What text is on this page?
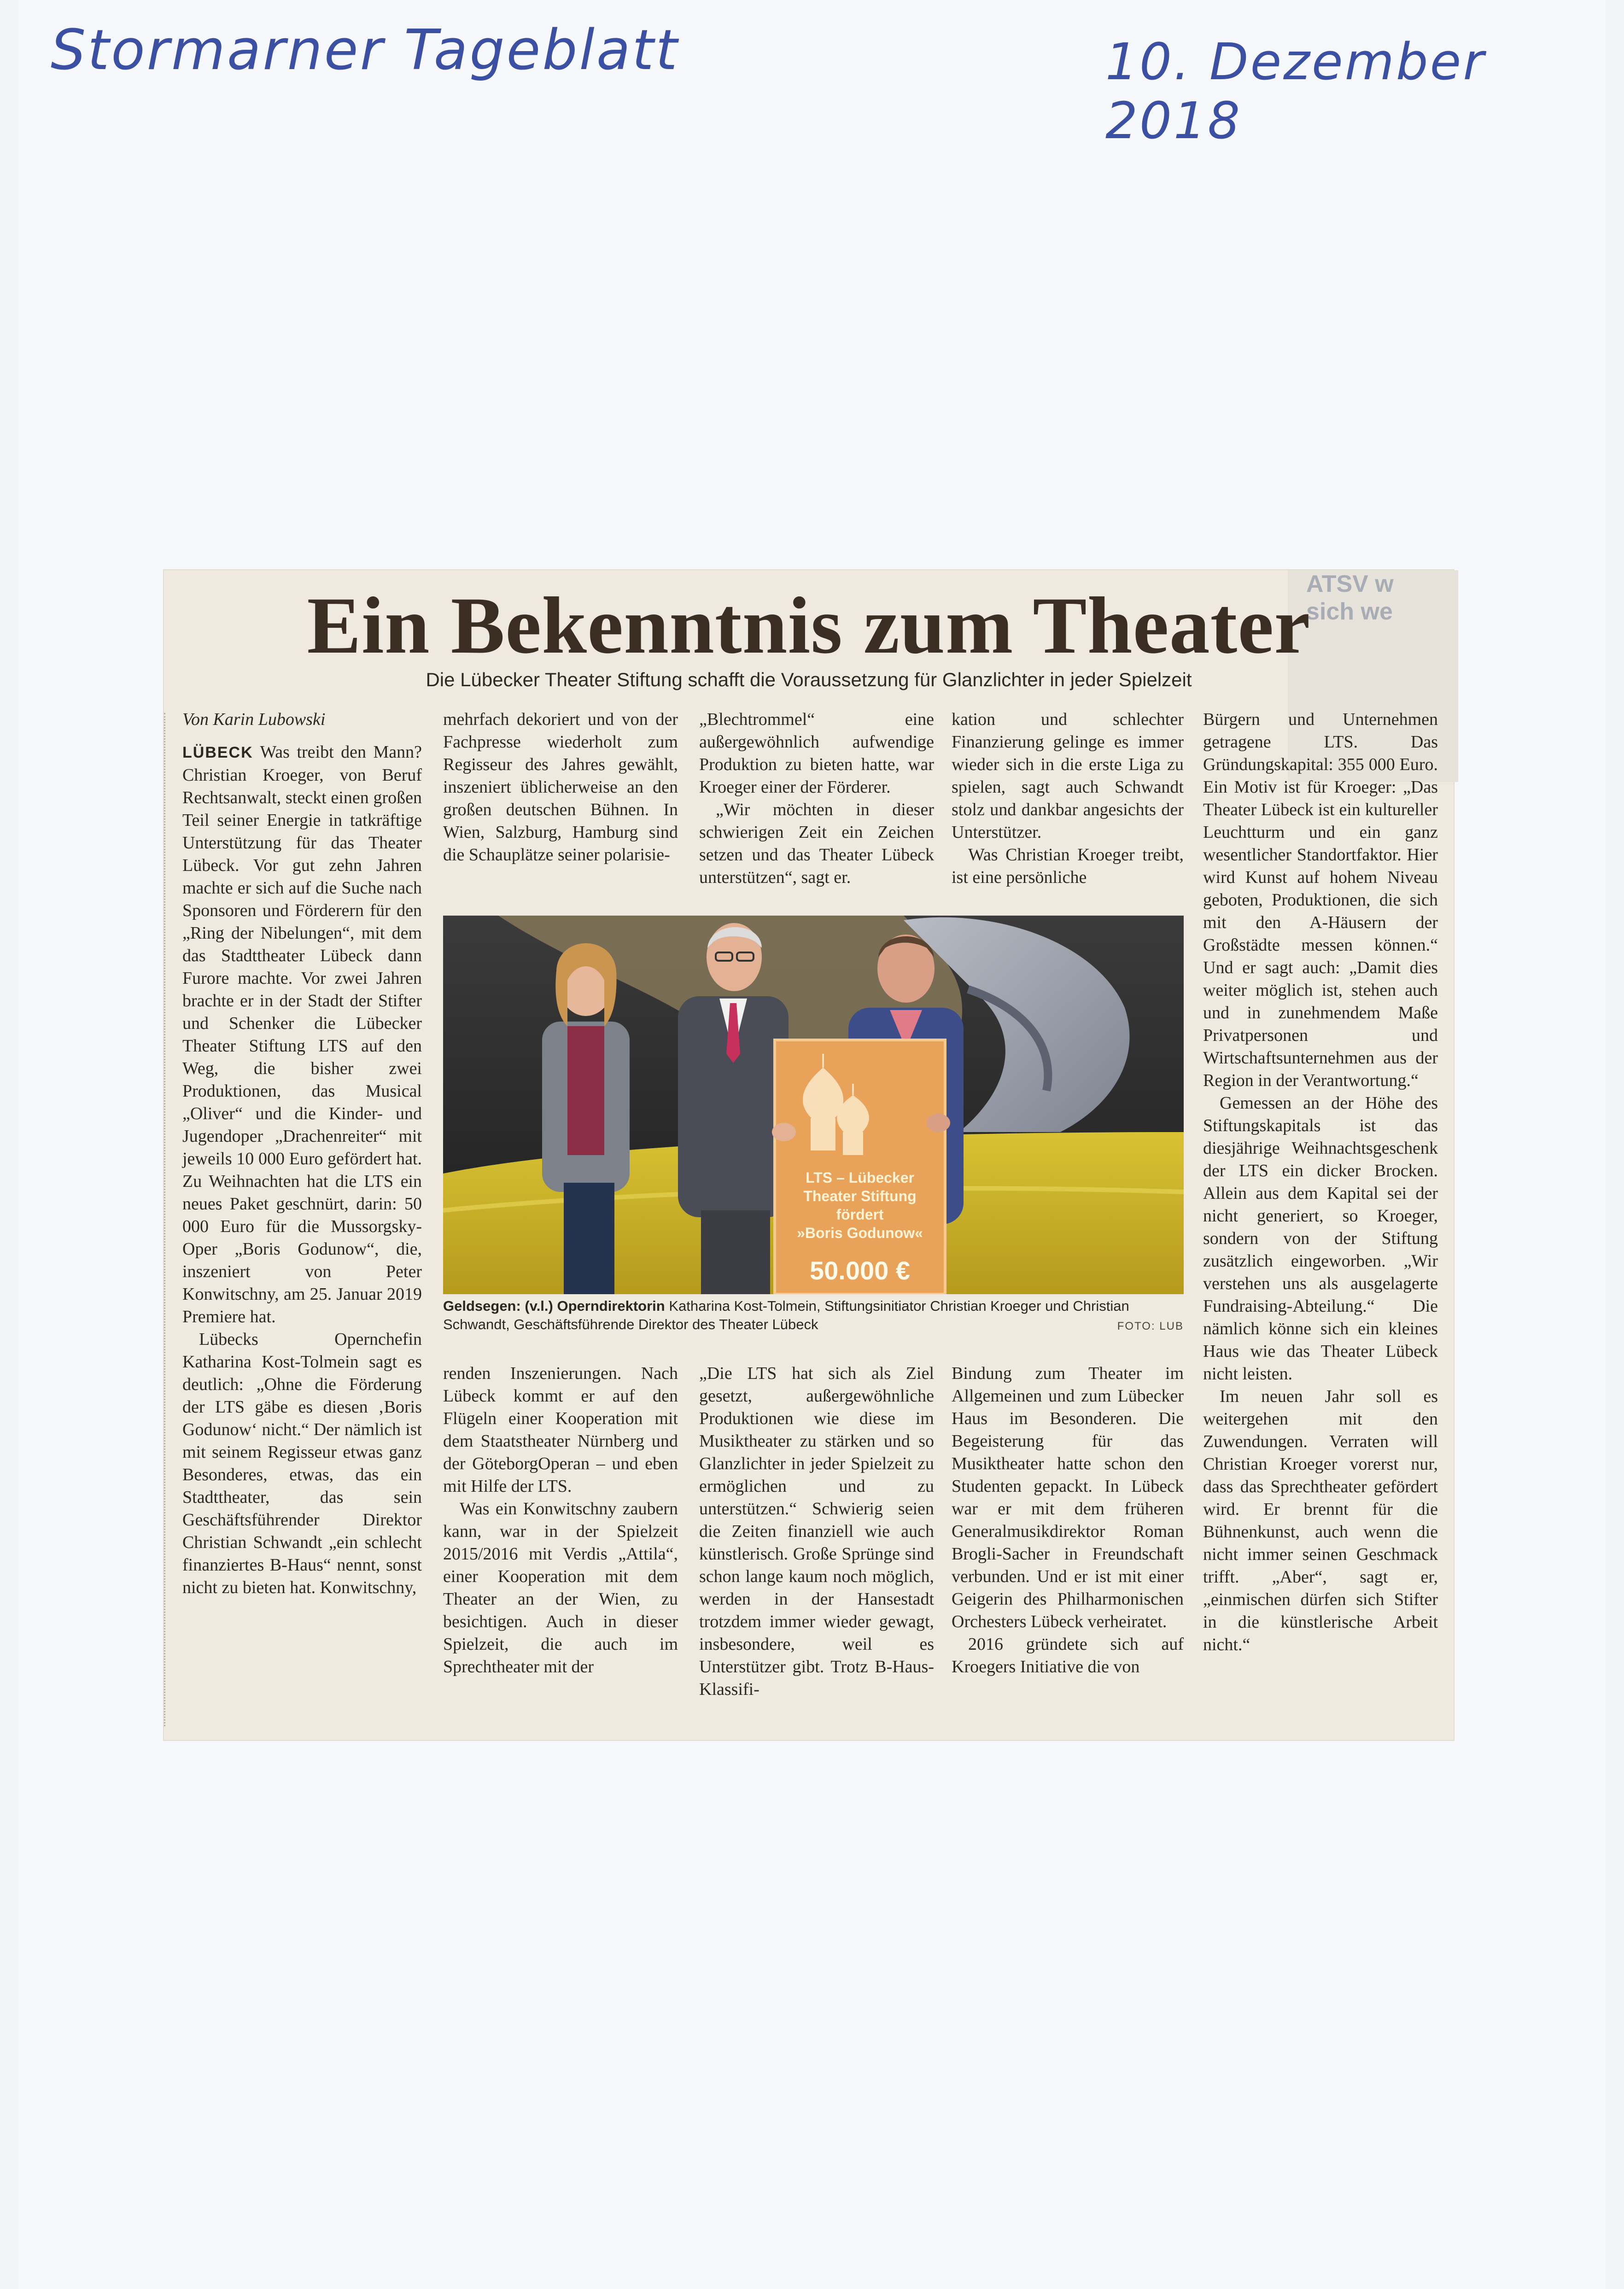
Stormarner Tageblatt	10. Dezember 2018
ATSV w
sich we
Ein Bekenntnis zum Theater
Die Lübecker Theater Stiftung schafft die Voraussetzung für Glanzlichter in jeder Spielzeit

Von Karin Lubowski

LÜBECK Was treibt den Mann? Christian Kroeger, von Beruf Rechtsanwalt, steckt einen großen Teil seiner Energie in tatkräftige Unterstützung für das Theater Lübeck. Vor gut zehn Jahren machte er sich auf die Suche nach Sponsoren und Förderern für den „Ring der Nibelungen“, mit dem das Stadttheater Lübeck dann Furore machte. Vor zwei Jahren brachte er in der Stadt der Stifter und Schenker die Lübecker Theater Stiftung LTS auf den Weg, die bisher zwei Produktionen, das Musical „Oliver“ und die Kinder- und Jugendoper „Drachenreiter“ mit jeweils 10 000 Euro gefördert hat. Zu Weihnachten hat die LTS ein neues Paket geschnürt, darin: 50 000 Euro für die Mussorgsky-Oper „Boris Godunow“, die, inszeniert von Peter Konwitschny, am 25. Januar 2019 Premiere hat.

Lübecks Opernchefin Katharina Kost-Tolmein sagt es deutlich: „Ohne die Förderung der LTS gäbe es diesen ‚Boris Godunow‘ nicht.“ Der nämlich ist mit seinem Regisseur etwas ganz Besonderes, etwas, das ein Stadttheater, das sein Geschäftsführender Direktor Christian Schwandt „ein schlecht finanziertes B-Haus“ nennt, sonst nicht zu bieten hat. Konwitschny,

mehrfach dekoriert und von der Fachpresse wiederholt zum Regisseur des Jahres gewählt, inszeniert üblicherweise an den großen deutschen Bühnen. In Wien, Salzburg, Hamburg sind die Schauplätze seiner polarisie-

„Blechtrommel“ eine außergewöhnlich aufwendige Produktion zu bieten hatte, war Kroeger einer der Förderer.

„Wir möchten in dieser schwierigen Zeit ein Zeichen setzen und das Theater Lübeck unterstützen“, sagt er.

kation und schlechter Finanzierung gelinge es immer wieder sich in die erste Liga zu spielen, sagt auch Schwandt stolz und dankbar angesichts der Unterstützer.

Was Christian Kroeger treibt, ist eine persönliche

Bürgern und Unternehmen getragene LTS. Das Gründungskapital: 355 000 Euro. Ein Motiv ist für Kroeger: „Das Theater Lübeck ist ein kultureller Leuchtturm und ein ganz wesentlicher Standortfaktor. Hier wird Kunst auf hohem Niveau geboten, Produktionen, die sich mit den A-Häusern der Großstädte messen können.“ Und er sagt auch: „Damit dies weiter möglich ist, stehen auch und in zunehmendem Maße Privatpersonen und Wirtschaftsunternehmen aus der Region in der Verantwortung.“

Gemessen an der Höhe des Stiftungskapitals ist das diesjährige Weihnachtsgeschenk der LTS ein dicker Brocken. Allein aus dem Kapital sei der nicht generiert, so Kroeger, sondern von der Stiftung zusätzlich eingeworben. „Wir verstehen uns als ausgelagerte Fundraising-Abteilung.“ Die nämlich könne sich ein kleines Haus wie das Theater Lübeck nicht leisten.

Im neuen Jahr soll es weitergehen mit den Zuwendungen. Verraten will Christian Kroeger vorerst nur, dass das Sprechtheater gefördert wird. Er brennt für die Bühnenkunst, auch wenn die nicht immer seinen Geschmack trifft. „Aber“, sagt er, „einmischen dürfen sich Stifter in die künstlerische Arbeit nicht.“

LTS – Lübecker
Theater Stiftung
fördert
»Boris Godunow«
50.000 €
Geldsegen: (v.l.) Operndirektorin Katharina Kost-Tolmein, Stiftungsinitiator Christian Kroeger und Christian Schwandt, Geschäftsführende Direktor des Theater Lübeck	FOTO: LUB

renden Inszenierungen. Nach Lübeck kommt er auf den Flügeln einer Kooperation mit dem Staatstheater Nürnberg und der GöteborgOperan – und eben mit Hilfe der LTS.

Was ein Konwitschny zaubern kann, war in der Spielzeit 2015/2016 mit Verdis „Attila“, einer Kooperation mit dem Theater an der Wien, zu besichtigen. Auch in dieser Spielzeit, die auch im Sprechtheater mit der

„Die LTS hat sich als Ziel gesetzt, außergewöhnliche Produktionen wie diese im Musiktheater zu stärken und so Glanzlichter in jeder Spielzeit zu ermöglichen und zu unterstützen.“ Schwierig seien die Zeiten finanziell wie auch künstlerisch. Große Sprünge sind schon lange kaum noch möglich, werden in der Hansestadt trotzdem immer wieder gewagt, insbesondere, weil es Unterstützer gibt. Trotz B-Haus-Klassifi-

Bindung zum Theater im Allgemeinen und zum Lübecker Haus im Besonderen. Die Begeisterung für das Musiktheater hatte schon den Studenten gepackt. In Lübeck war er mit dem früheren Generalmusikdirektor Roman Brogli-Sacher in Freundschaft verbunden. Und er ist mit einer Geigerin des Philharmonischen Orchesters Lübeck verheiratet.

2016 gründete sich auf Kroegers Initiative die von
